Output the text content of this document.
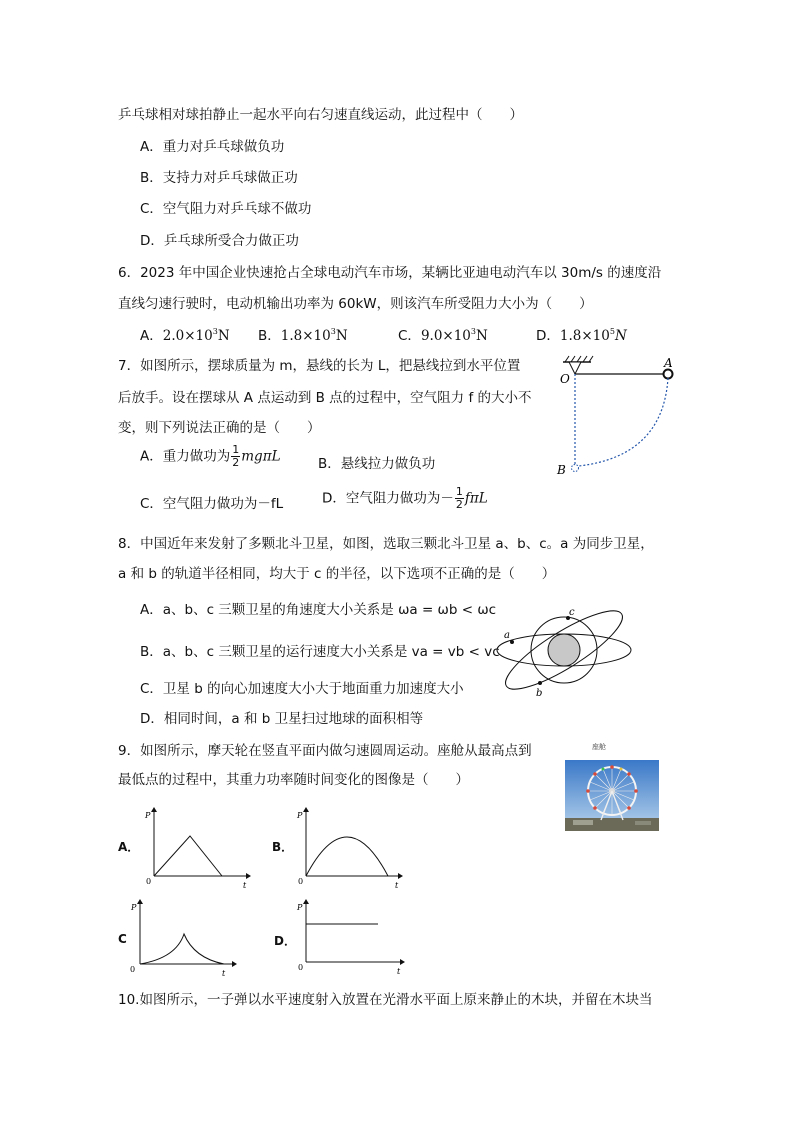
乒乓球相对球拍静止一起水平向右匀速直线运动，此过程中（　　）
A．重力对乒乓球做负功
B．支持力对乒乓球做正功
C．空气阻力对乒乓球不做功
D．乒乓球所受合力做正功
6．2023 年中国企业快速抢占全球电动汽车市场，某辆比亚迪电动汽车以 30m/s 的速度沿
直线匀速行驶时，电动机输出功率为 60kW，则该汽车所受阻力大小为（　　）
A．$2.0\times 10^3N$ B．$1.8\times 10^3N$	C．$9.0\times 10^3N$	D．$1.8\times 10^5N$
7．如图所示，摆球质量为 m，悬线的长为 L，把悬线拉到水平位置
后放手。设在摆球从 A 点运动到 B 点的过程中，空气阻力 f 的大小不
变，则下列说法正确的是（　　）
A．重力做功为 $\frac{1}{2}$ mgπL	B．悬线拉力做负功
C．空气阻力做功为－fL	D．空气阻力做功为－ $\frac{1}{2}$ fπL
A
O
B
8．中国近年来发射了多颗北斗卫星，如图，选取三颗北斗卫星 a、b、c。a 为同步卫星，
a 和 b 的轨道半径相同，均大于 c 的半径，以下选项不正确的是（　　）
A．a、b、c 三颗卫星的角速度大小关系是 ωa = ωb < ωc
B．a、b、c 三颗卫星的运行速度大小关系是 va = vb < vc
C．卫星 b 的向心加速度大小大于地面重力加速度大小
D．相同时间，a 和 b 卫星扫过地球的面积相等
a
c
b
9．如图所示，摩天轮在竖直平面内做匀速圆周运动。座舱从最高点到
最低点的过程中，其重力功率随时间变化的图像是（　　）
座舱
A．
P
0	t
B．
P
0	t
C
P
0	t
D．
P
0	t
10.如图所示，一子弹以水平速度射入放置在光滑水平面上原来静止的木块，并留在木块当
